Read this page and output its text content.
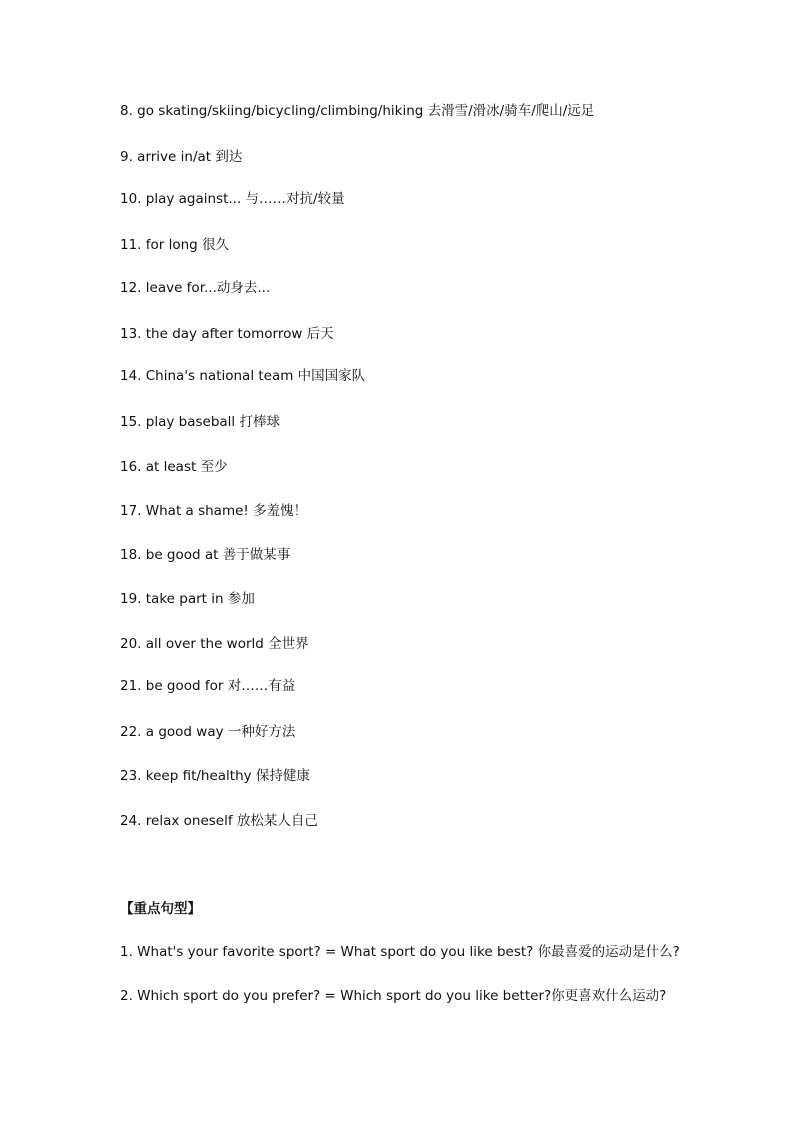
8. go skating/skiing/bicycling/climbing/hiking 去滑雪/滑冰/骑车/爬山/远足
9. arrive in/at 到达
10. play against... 与……对抗/较量
11. for long 很久
12. leave for...动身去...
13. the day after tomorrow 后天
14. China's national team 中国国家队
15. play baseball 打棒球
16. at least 至少
17. What a shame! 多羞愧！
18. be good at 善于做某事
19. take part in 参加
20. all over the world 全世界
21. be good for 对……有益
22. a good way 一种好方法
23. keep fit/healthy 保持健康
24. relax oneself 放松某人自己
【重点句型】
1. What's your favorite sport? = What sport do you like best? 你最喜爱的运动是什么?
2. Which sport do you prefer? = Which sport do you like better?你更喜欢什么运动?
